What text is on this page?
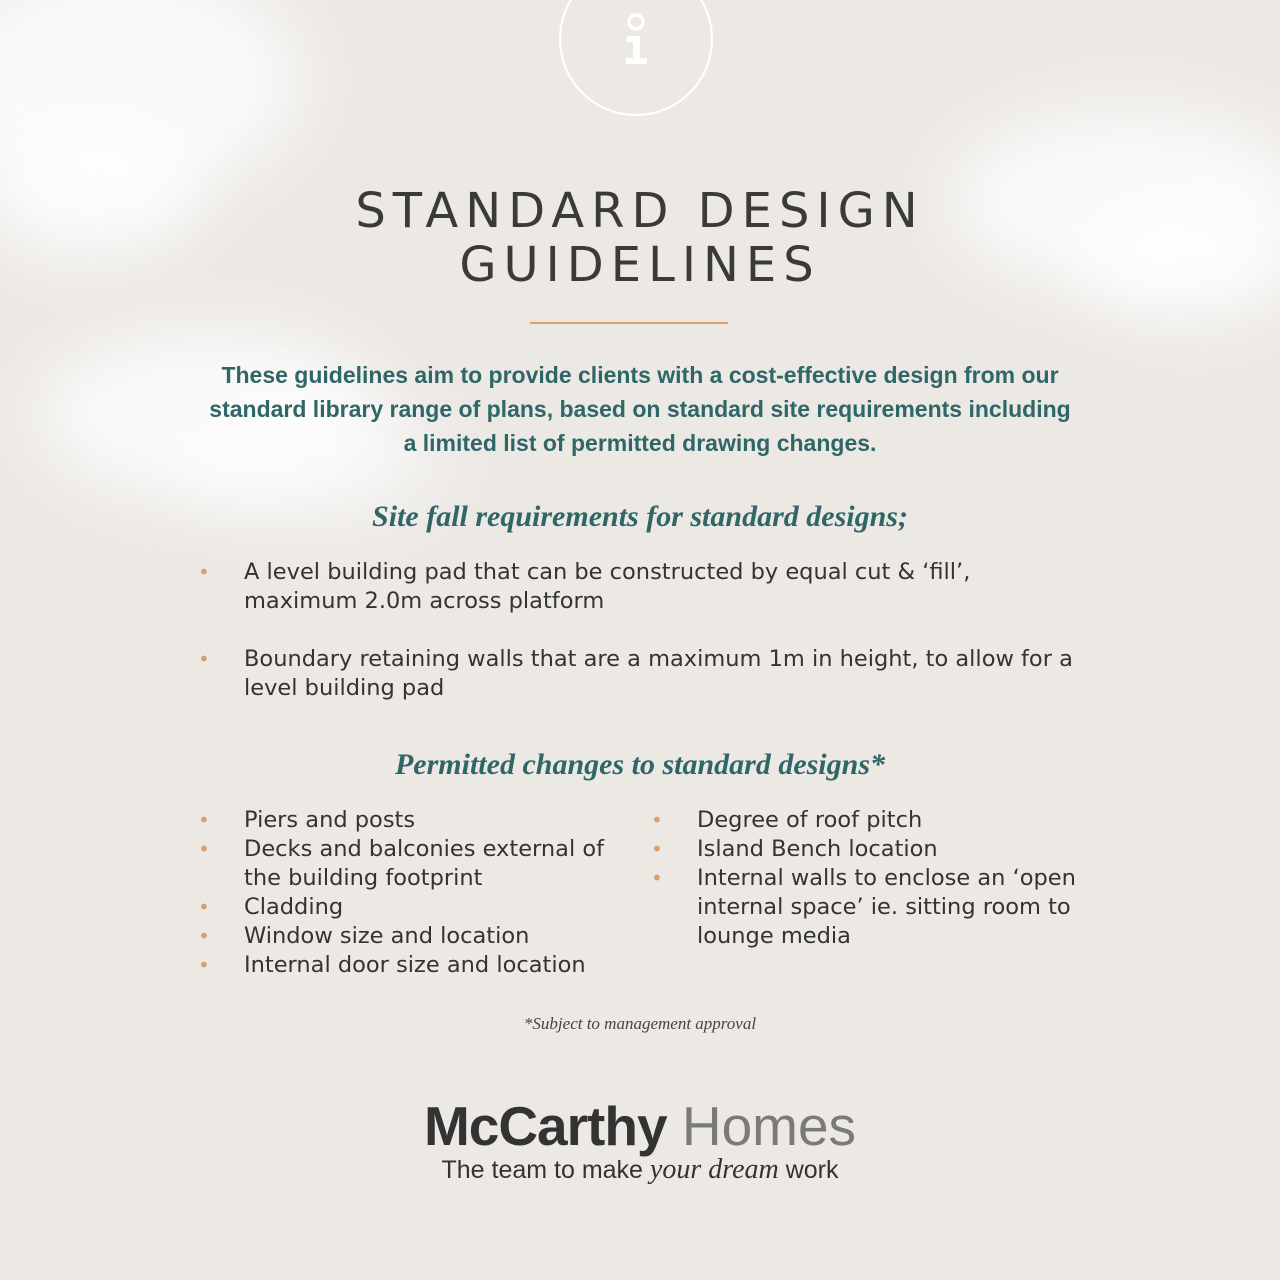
STANDARD DESIGN
GUIDELINES

These guidelines aim to provide clients with a cost-effective design from our standard library range of plans, based on standard site requirements including a limited list of permitted drawing changes.

Site fall requirements for standard designs;
• A level building pad that can be constructed by equal cut & ‘fill’, maximum 2.0m across platform
• Boundary retaining walls that are a maximum 1m in height, to allow for a level building pad
Permitted changes to standard designs*
• Piers and posts
• Decks and balconies external of the building footprint
• Cladding
• Window size and location
• Internal door size and location
• Degree of roof pitch
• Island Bench location
• Internal walls to enclose an ‘open internal space’ ie. sitting room to lounge media
*Subject to management approval
McCarthy Homes
The team to make your dream work
